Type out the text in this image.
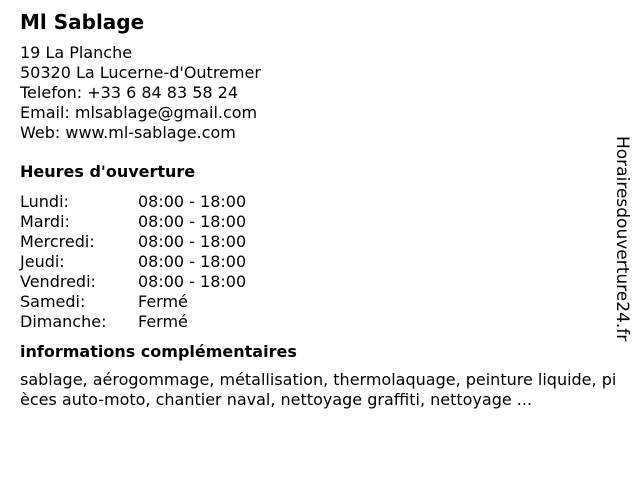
Ml Sablage
19 La Planche
50320 La Lucerne-d'Outremer
Telefon: +33 6 84 83 58 24
Email: mlsablage@gmail.com
Web: www.ml-sablage.com
Heures d'ouverture
Lundi:	08:00 - 18:00
Mardi:	08:00 - 18:00
Mercredi:	08:00 - 18:00
Jeudi:	08:00 - 18:00
Vendredi:	08:00 - 18:00
Samedi:	Fermé
Dimanche:	Fermé
informations complémentaires
sablage, aérogommage, métallisation, thermolaquage, peinture liquide, pièces auto-moto, chantier naval, nettoyage graffiti, nettoyage ...
Horairesdouverture24.fr
